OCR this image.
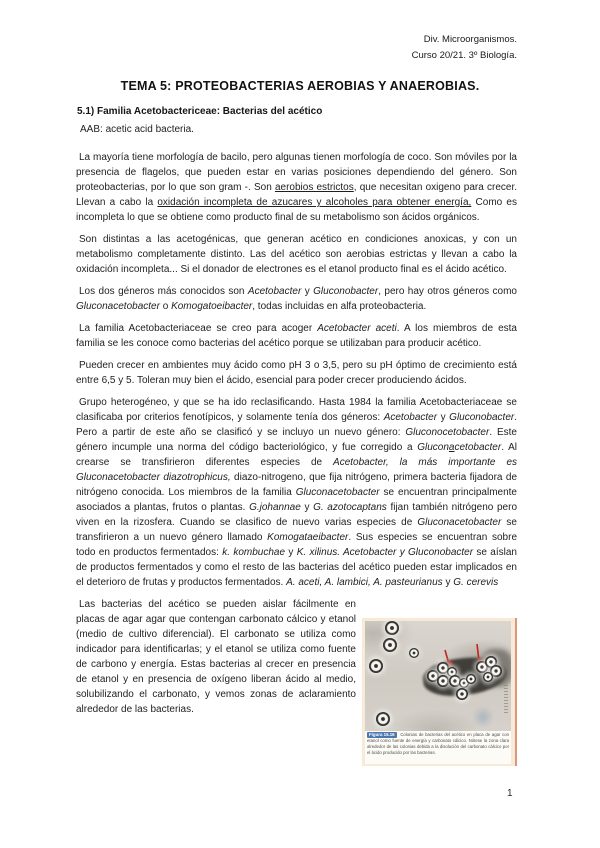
Div. Microorganismos.
Curso 20/21. 3º Biología.
TEMA 5: PROTEOBACTERIAS AEROBIAS Y ANAEROBIAS.
5.1) Familia Acetobactericeae: Bacterias del acético
AAB: acetic acid bacteria.

La mayoría tiene morfología de bacilo, pero algunas tienen morfología de coco. Son móviles por la presencia de flagelos, que pueden estar en varias posiciones dependiendo del género. Son proteobacterias, por lo que son gram -. Son aerobios estrictos, que necesitan oxigeno para crecer. Llevan a cabo la oxidación incompleta de azucares y alcoholes para obtener energía, Como es incompleta lo que se obtiene como producto final de su metabolismo son ácidos orgánicos.

Son distintas a las acetogénicas, que generan acético en condiciones anoxicas, y con un metabolismo completamente distinto. Las del acético son aerobias estrictas y llevan a cabo la oxidación incompleta... Si el donador de electrones es el etanol producto final es el ácido acético.

Los dos géneros más conocidos son Acetobacter y Gluconobacter, pero hay otros géneros como Gluconacetobacter o Komogatoeibacter, todas incluidas en alfa proteobacteria.

La familia Acetobacteriaceae se creo para acoger Acetobacter aceti. A los miembros de esta familia se les conoce como bacterias del acético porque se utilizaban para producir acético.

Pueden crecer en ambientes muy ácido como pH 3 o 3,5, pero su pH óptimo de crecimiento está entre 6,5 y 5. Toleran muy bien el ácido, esencial para poder crecer produciendo ácidos.

Grupo heterogéneo, y que se ha ido reclasificando. Hasta 1984 la familia Acetobacteriaceae se clasificaba por criterios fenotípicos, y solamente tenía dos géneros: Acetobacter y Gluconobacter. Pero a partir de este año se clasificó y se incluyo un nuevo género: Gluconocetobacter. Este género incumple una norma del código bacteriológico, y fue corregido a Gluconacetobacter. Al crearse se transfirieron diferentes especies de Acetobacter, la más importante es Gluconacetobacter diazotrophicus, diazo-nitrogeno, que fija nitrógeno, primera bacteria fijadora de nitrógeno conocida. Los miembros de la familia Gluconacetobacter se encuentran principalmente asociados a plantas, frutos o plantas. G.johannae y G. azotocaptans fijan también nitrógeno pero viven en la rizosfera. Cuando se clasifico de nuevo varias especies de Gluconacetobacter se transfirieron a un nuevo género llamado Komogataeibacter. Sus especies se encuentran sobre todo en productos fermentados: k. kombuchae y K. xilinus. Acetobacter y Gluconobacter se aíslan de productos fermentados y como el resto de las bacterias del acético pueden estar implicados en el deterioro de frutas y productos fermentados. A. aceti, A. lambici, A. pasteurianus y G. cerevis

Las bacterias del acético se pueden aislar fácilmente en placas de agar agar que contengan carbonato cálcico y etanol (medio de cultivo diferencial). El carbonato se utiliza como indicador para identificarlas; y el etanol se utiliza como fuente de carbono y energía. Estas bacterias al crecer en presencia de etanol y en presencia de oxígeno liberan ácido al medio, solubilizando el carbonato, y vemos zonas de aclaramiento alrededor de las bacterias.

Figura 15.16 Colonias de bacterias del acético en placa de agar con etanol como fuente de energía y carbonato cálcico. Nótese la zona clara alrededor de las colonias debida a la disolución del carbonato cálcico por el ácido producido por las bacterias.
1
